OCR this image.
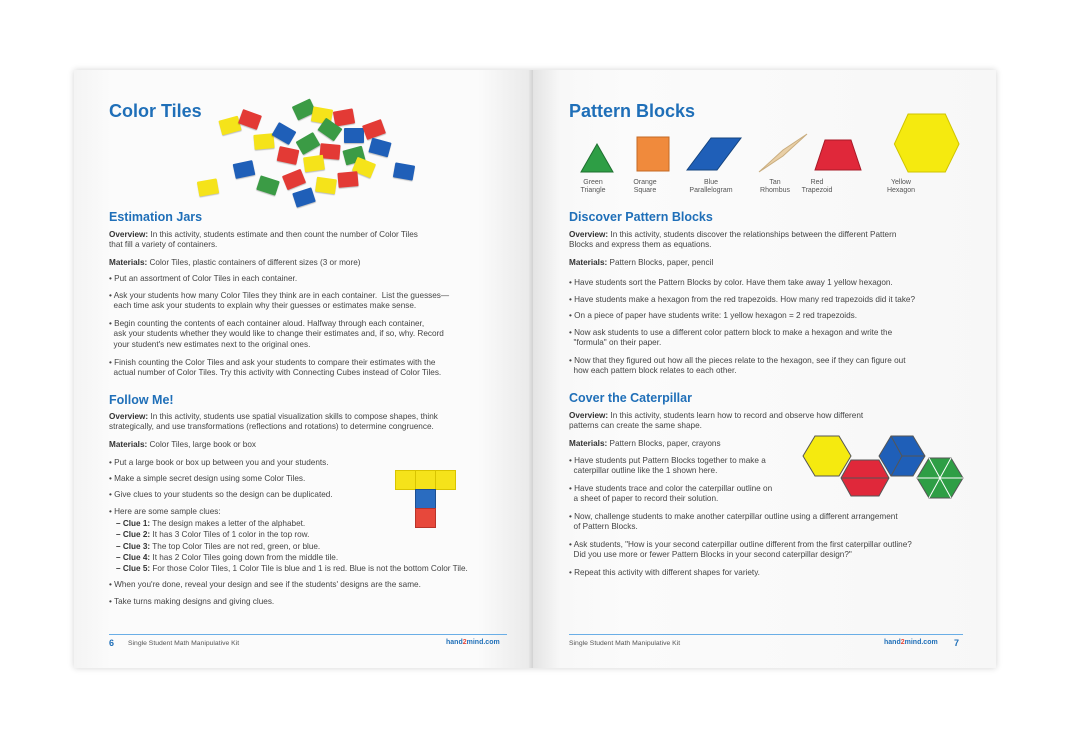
Color Tiles
Estimation Jars
Overview: In this activity, students estimate and then count the number of Color Tiles
that fill a variety of containers.
Materials: Color Tiles, plastic containers of different sizes (3 or more)
• Put an assortment of Color Tiles in each container.
• Ask your students how many Color Tiles they think are in each container.  List the guesses—
each time ask your students to explain why their guesses or estimates make sense.
• Begin counting the contents of each container aloud. Halfway through each container,
ask your students whether they would like to change their estimates and, if so, why. Record
your student's new estimates next to the original ones.
• Finish counting the Color Tiles and ask your students to compare their estimates with the
actual number of Color Tiles. Try this activity with Connecting Cubes instead of Color Tiles.
Follow Me!
Overview: In this activity, students use spatial visualization skills to compose shapes, think
strategically, and use transformations (reflections and rotations) to determine congruence.
Materials: Color Tiles, large book or box
• Put a large book or box up between you and your students.
• Make a simple secret design using some Color Tiles.
• Give clues to your students so the design can be duplicated.
• Here are some sample clues:
– Clue 1: The design makes a letter of the alphabet.
– Clue 2: It has 3 Color Tiles of 1 color in the top row.
– Clue 3: The top Color Tiles are not red, green, or blue.
– Clue 4: It has 2 Color Tiles going down from the middle tile.
– Clue 5: For those Color Tiles, 1 Color Tile is blue and 1 is red. Blue is not the bottom Color Tile.
• When you're done, reveal your design and see if the students' designs are the same.
• Take turns making designs and giving clues.
6 Single Student Math Manipulative Kit	hand2mind.com
Pattern Blocks
Green
Triangle
Orange
Square
Blue
Parallelogram
Tan
Rhombus
Red
Trapezoid
Yellow
Hexagon
Discover Pattern Blocks
Overview: In this activity, students discover the relationships between the different Pattern
Blocks and express them as equations.
Materials: Pattern Blocks, paper, pencil
• Have students sort the Pattern Blocks by color. Have them take away 1 yellow hexagon.
• Have students make a hexagon from the red trapezoids. How many red trapezoids did it take?
• On a piece of paper have students write: 1 yellow hexagon = 2 red trapezoids.
• Now ask students to use a different color pattern block to make a hexagon and write the
"formula" on their paper.
• Now that they figured out how all the pieces relate to the hexagon, see if they can figure out
how each pattern block relates to each other.
Cover the Caterpillar
Overview: In this activity, students learn how to record and observe how different
patterns can create the same shape.
Materials: Pattern Blocks, paper, crayons
• Have students put Pattern Blocks together to make a
caterpillar outline like the 1 shown here.
• Have students trace and color the caterpillar outline on
a sheet of paper to record their solution.
• Now, challenge students to make another caterpillar outline using a different arrangement
of Pattern Blocks.
• Ask students, "How is your second caterpillar outline different from the first caterpillar outline?
Did you use more or fewer Pattern Blocks in your second caterpillar design?"
• Repeat this activity with different shapes for variety.
Single Student Math Manipulative Kit	hand2mind.com 7
